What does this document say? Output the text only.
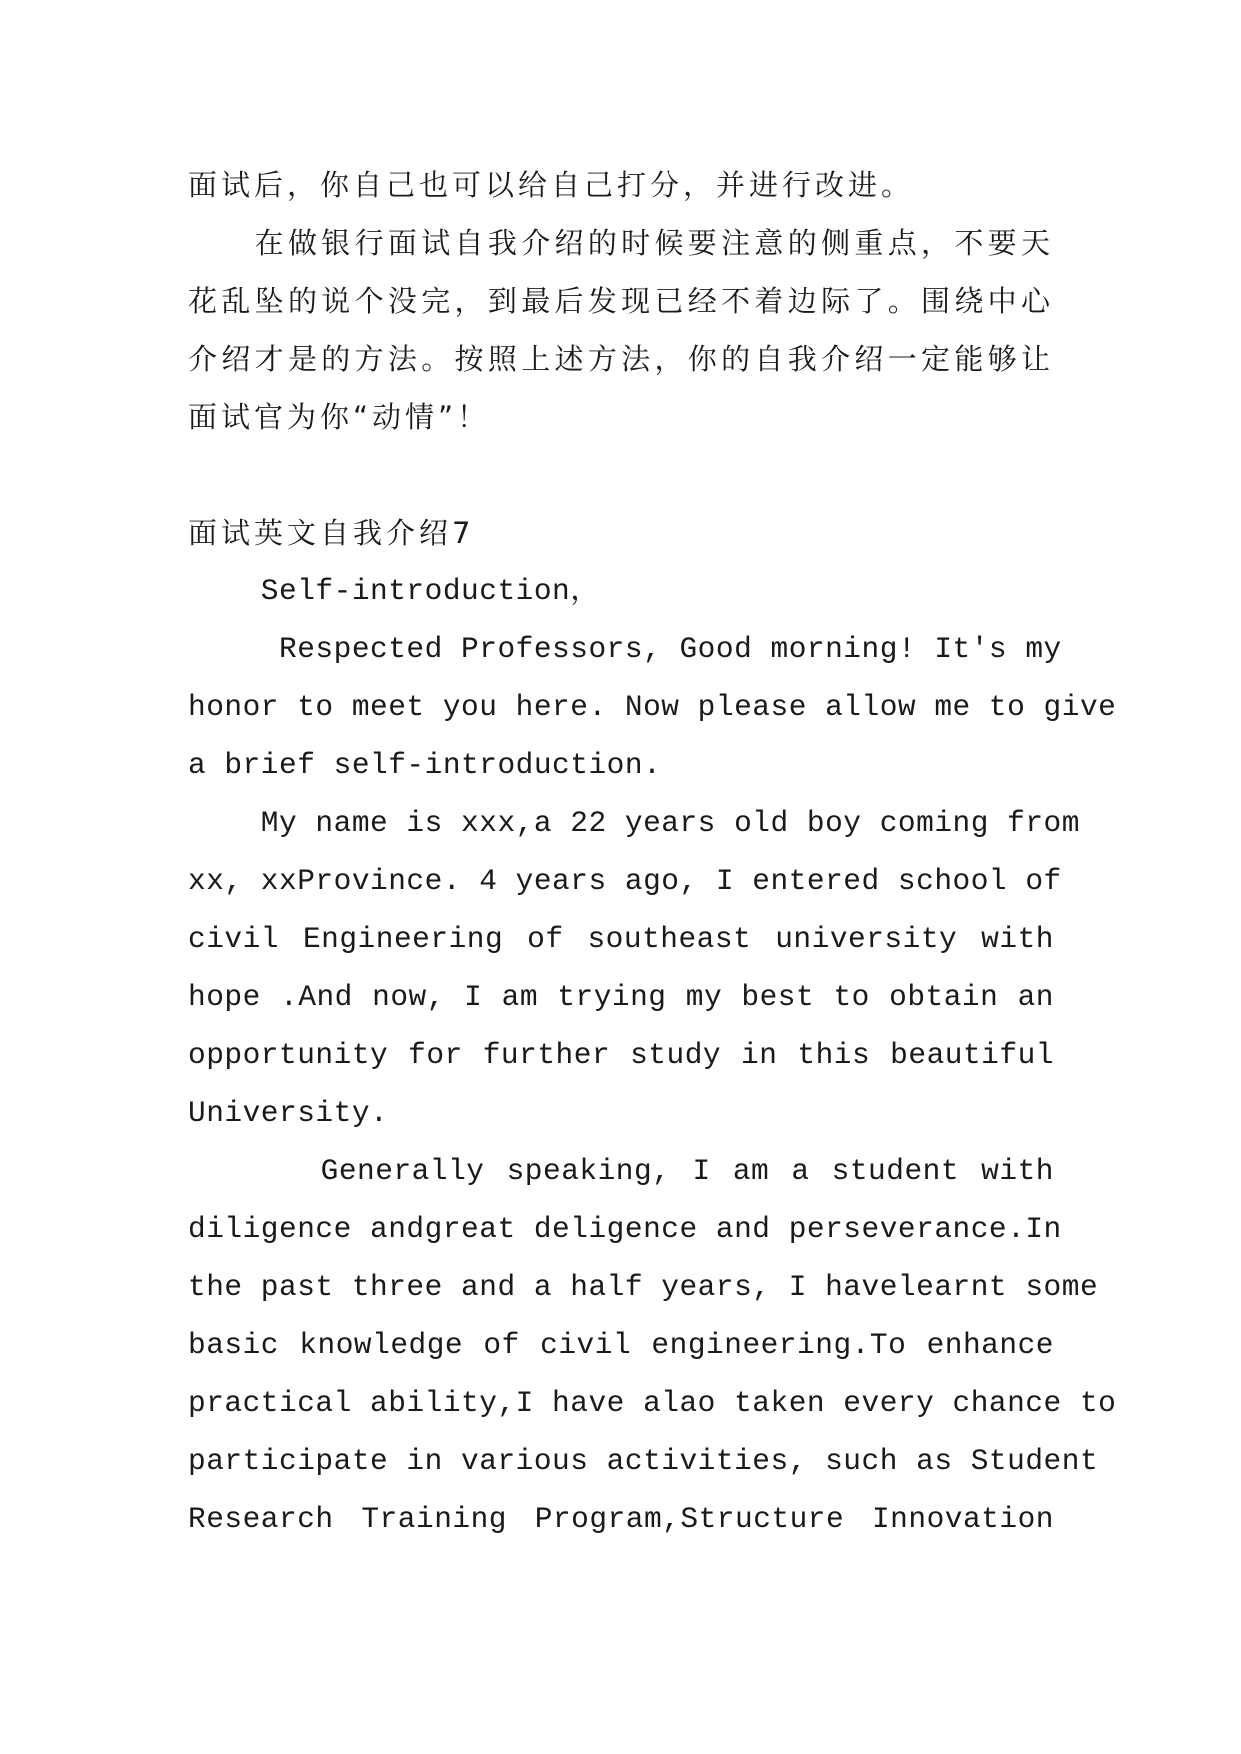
面试后，你自己也可以给自己打分，并进行改进。
　　在做银行面试自我介绍的时候要注意的侧重点，不要天
花乱坠的说个没完，到最后发现已经不着边际了。围绕中心
介绍才是的方法。按照上述方法，你的自我介绍一定能够让
面试官为你“动情”！
面试英文自我介绍7
Self-introduction，
Respected Professors, Good morning! It's my
honor to meet you here. Now please allow me to give
a brief self-introduction.
My name is xxx,a 22 years old boy coming from
xx, xxProvince. 4 years ago, I entered school of
civil Engineering of southeast university with
hope .And now, I am trying my best to obtain an
opportunity for further study in this beautiful
University.
Generally speaking, I am a student with
diligence andgreat deligence and perseverance.In
the past three and a half years, I havelearnt some
basic knowledge of civil engineering.To enhance
practical ability,I have alao taken every chance to
participate in various activities, such as Student
Research Training Program,Structure Innovation
